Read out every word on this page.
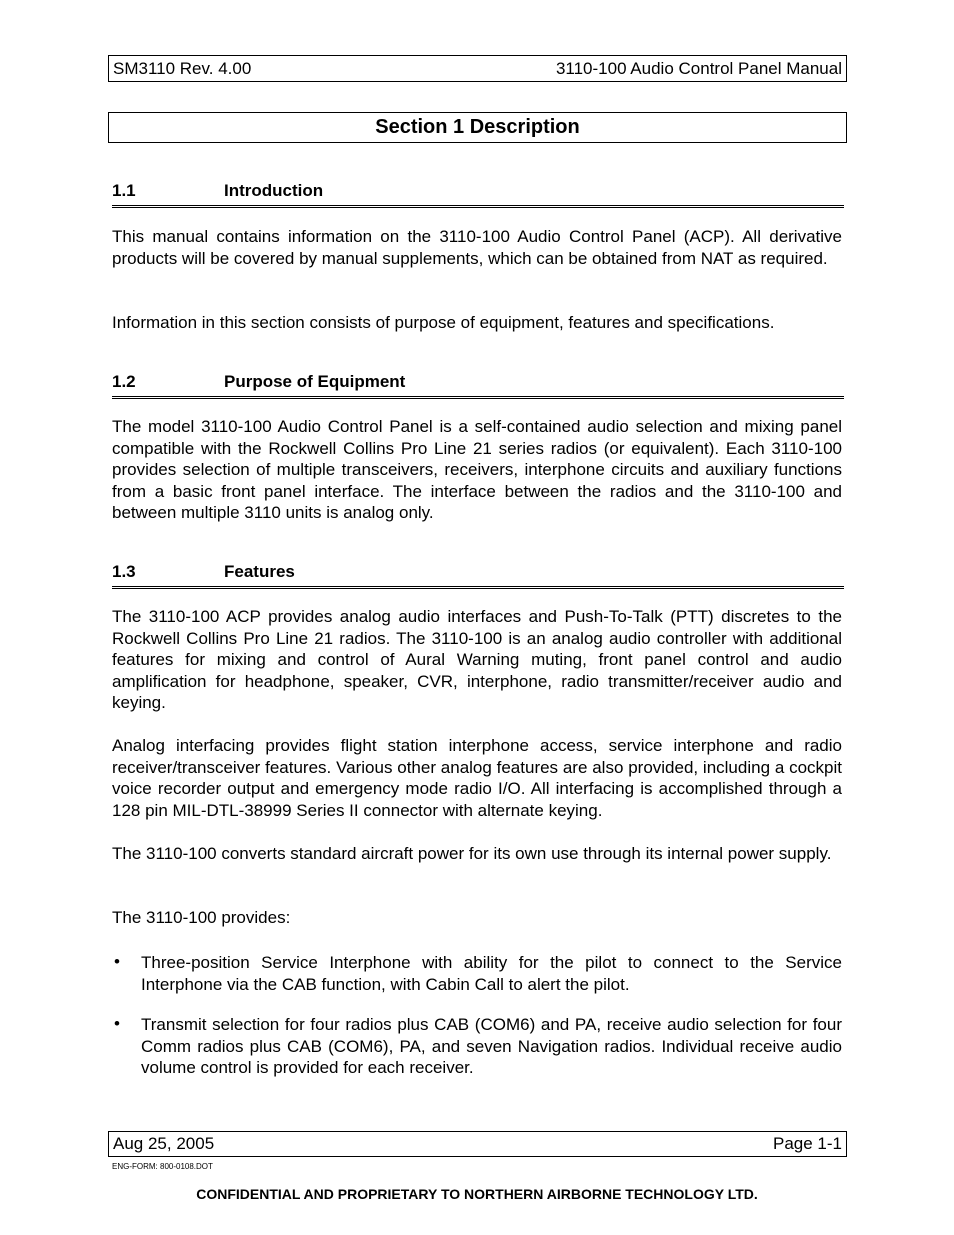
SM3110 Rev. 4.00	3110-100 Audio Control Panel Manual
Section 1 Description
1.1	Introduction

This manual contains information on the 3110-100 Audio Control Panel (ACP). All derivative products will be covered by manual supplements, which can be obtained from NAT as required.

Information in this section consists of purpose of equipment, features and specifications.

1.2	Purpose of Equipment

The model 3110-100 Audio Control Panel is a self-contained audio selection and mixing panel compatible with the Rockwell Collins Pro Line 21 series radios (or equivalent). Each 3110-100 provides selection of multiple transceivers, receivers, interphone circuits and auxiliary functions from a basic front panel interface. The interface between the radios and the 3110-100 and between multiple 3110 units is analog only.

1.3	Features

The 3110-100 ACP provides analog audio interfaces and Push-To-Talk (PTT) discretes to the Rockwell Collins Pro Line 21 radios. The 3110-100 is an analog audio controller with additional features for mixing and control of Aural Warning muting, front panel control and audio amplification for headphone, speaker, CVR, interphone, radio transmitter/receiver audio and keying.

Analog interfacing provides flight station interphone access, service interphone and radio receiver/transceiver features. Various other analog features are also provided, including a cockpit voice recorder output and emergency mode radio I/O. All interfacing is accomplished through a 128 pin MIL-DTL-38999 Series II connector with alternate keying.

The 3110-100 converts standard aircraft power for its own use through its internal power supply.

The 3110-100 provides:

• Three-position Service Interphone with ability for the pilot to connect to the Service Interphone via the CAB function, with Cabin Call to alert the pilot.

• Transmit selection for four radios plus CAB (COM6) and PA, receive audio selection for four Comm radios plus CAB (COM6), PA, and seven Navigation radios. Individual receive audio volume control is provided for each receiver.

Aug 25, 2005	Page 1-1
ENG-FORM: 800-0108.DOT
CONFIDENTIAL AND PROPRIETARY TO NORTHERN AIRBORNE TECHNOLOGY LTD.
